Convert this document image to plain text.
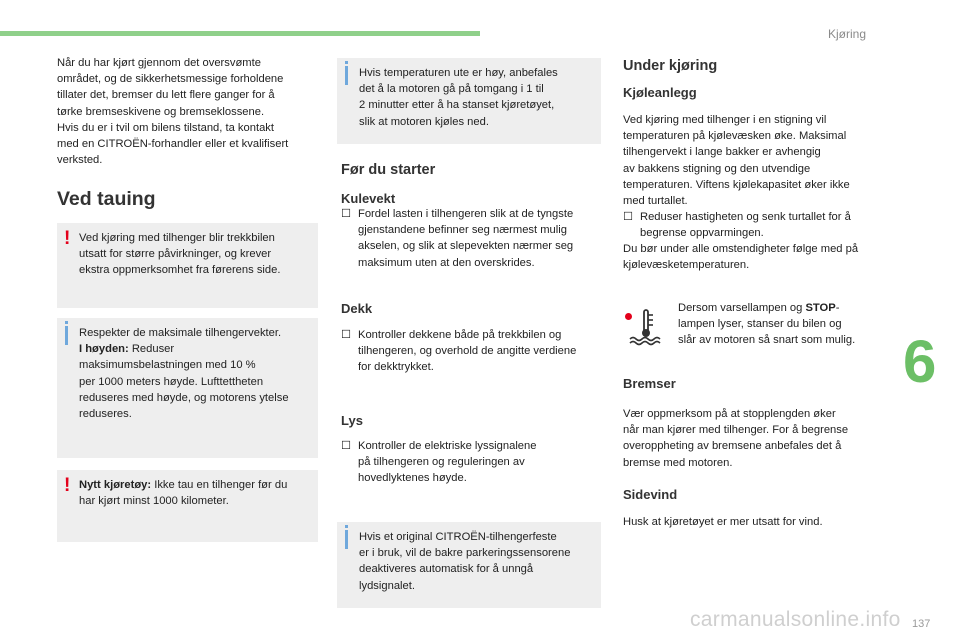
Kjøring
6
carmanualsonline.info 137
Når du har kjørt gjennom det oversvømte
området, og de sikkerhetsmessige forholdene
tillater det, bremser du lett flere ganger for å
tørke bremseskivene og bremseklossene.
Hvis du er i tvil om bilens tilstand, ta kontakt
med en CITROËN-forhandler eller et kvalifisert
verksted.
Ved tauing
! Ved kjøring med tilhenger blir trekkbilen
utsatt for større påvirkninger, og krever
ekstra oppmerksomhet fra førerens side.
Respekter de maksimale tilhengervekter.
I høyden: Reduser
maksimumsbelastningen med 10 %
per 1000 meters høyde. Lufttettheten
reduseres med høyde, og motorens ytelse
reduseres.
! Nytt kjøretøy: Ikke tau en tilhenger før du
har kjørt minst 1000 kilometer.
Hvis temperaturen ute er høy, anbefales
det å la motoren gå på tomgang i 1 til
2 minutter etter å ha stanset kjøretøyet,
slik at motoren kjøles ned.
Før du starter
Kulevekt
☐ Fordel lasten i tilhengeren slik at de tyngste
gjenstandene befinner seg nærmest mulig
akselen, og slik at slepevekten nærmer seg
maksimum uten at den overskrides.
Dekk
☐ Kontroller dekkene både på trekkbilen og
tilhengeren, og overhold de angitte verdiene
for dekktrykket.
Lys
☐ Kontroller de elektriske lyssignalene
på tilhengeren og reguleringen av
hovedlyktenes høyde.
Hvis et original CITROËN-tilhengerfeste
er i bruk, vil de bakre parkeringssensorene
deaktiveres automatisk for å unngå
lydsignalet.
Under kjøring
Kjøleanlegg
Ved kjøring med tilhenger i en stigning vil
temperaturen på kjølevæsken øke. Maksimal
tilhengervekt i lange bakker er avhengig
av bakkens stigning og den utvendige
temperaturen. Viftens kjølekapasitet øker ikke
med turtallet.
☐ Reduser hastigheten og senk turtallet for å
begrense oppvarmingen.
Du bør under alle omstendigheter følge med på
kjølevæsketemperaturen.
Dersom varsellampen og STOP-
lampen lyser, stanser du bilen og
slår av motoren så snart som mulig.
Bremser
Vær oppmerksom på at stopplengden øker
når man kjører med tilhenger. For å begrense
overoppheting av bremsene anbefales det å
bremse med motoren.
Sidevind
Husk at kjøretøyet er mer utsatt for vind.
